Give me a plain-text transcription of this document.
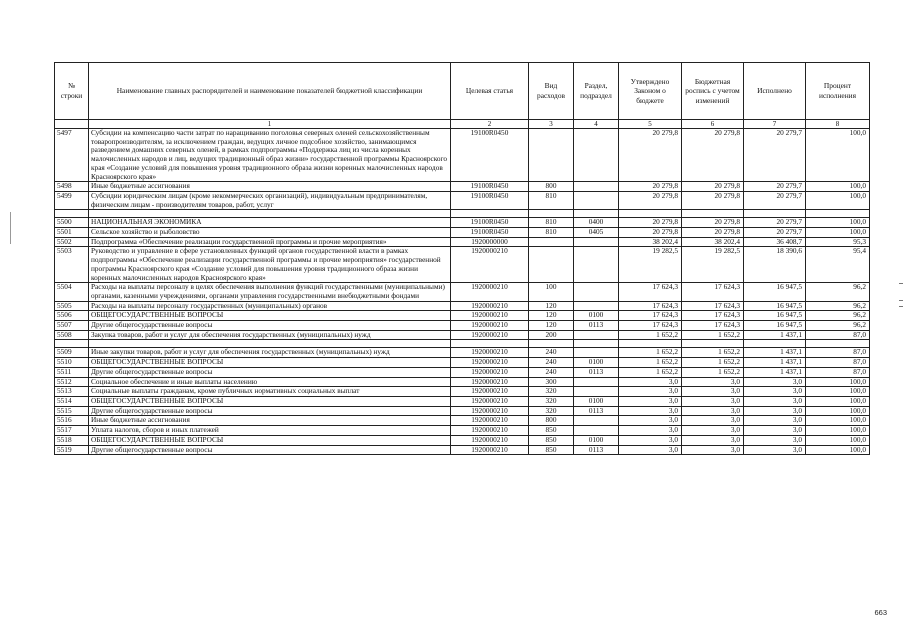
№ строки	Наименование главных распорядителей и наименование показателей бюджетной классификации	Целевая статья	Вид расходов	Раздел, подраздел	Утверждено Законом о бюджете	Бюджетная роспись с учетом изменений	Исполнено	Процент исполнения
	1	2	3	4	5	6	7	8
5497	Субсидии на компенсацию части затрат по наращиванию поголовья северных оленей сельскохозяйственным товаропроизводителям, за исключением граждан, ведущих личное подсобное хозяйство, занимающимся разведением домашних северных оленей, в рамках подпрограммы «Поддержка лиц из числа коренных малочисленных народов и лиц, ведущих традиционный образ жизни» государственной программы Красноярского края «Создание условий для повышения уровня традиционного образа жизни коренных малочисленных народов Красноярского края»	19100R0450			20 279,8	20 279,8	20 279,7	100,0
5498	Иные бюджетные ассигнования	19100R0450	800		20 279,8	20 279,8	20 279,7	100,0
5499	Субсидии юридическим лицам (кроме некоммерческих организаций), индивидуальным предпринимателям, физическим лицам - производителям товаров, работ, услуг	19100R0450	810		20 279,8	20 279,8	20 279,7	100,0

5500	НАЦИОНАЛЬНАЯ ЭКОНОМИКА	19100R0450	810	0400	20 279,8	20 279,8	20 279,7	100,0
5501	Сельское хозяйство и рыболовство	19100R0450	810	0405	20 279,8	20 279,8	20 279,7	100,0
5502	Подпрограмма «Обеспечение реализации государственной программы и прочие мероприятия»	1920000000			38 202,4	38 202,4	36 408,7	95,3
5503	Руководство и управление в сфере установленных функций органов государственной власти в рамках подпрограммы «Обеспечение реализации государственной программы и прочие мероприятия» государственной программы Красноярского края «Создание условий для повышения уровня традиционного образа жизни коренных малочисленных народов Красноярского края»	1920000210			19 282,5	19 282,5	18 390,6	95,4
5504	Расходы на выплаты персоналу в целях обеспечения выполнения функций государственными (муниципальными) органами, казенными учреждениями, органами управления государственными внебюджетными фондами	1920000210	100		17 624,3	17 624,3	16 947,5	96,2
5505	Расходы на выплаты персоналу государственных (муниципальных) органов	1920000210	120		17 624,3	17 624,3	16 947,5	96,2
5506	ОБЩЕГОСУДАРСТВЕННЫЕ ВОПРОСЫ	1920000210	120	0100	17 624,3	17 624,3	16 947,5	96,2
5507	Другие общегосударственные вопросы	1920000210	120	0113	17 624,3	17 624,3	16 947,5	96,2
5508	Закупка товаров, работ и услуг для обеспечения государственных (муниципальных) нужд	1920000210	200		1 652,2	1 652,2	1 437,1	87,0

5509	Иные закупки товаров, работ и услуг для обеспечения государственных (муниципальных) нужд	1920000210	240		1 652,2	1 652,2	1 437,1	87,0
5510	ОБЩЕГОСУДАРСТВЕННЫЕ ВОПРОСЫ	1920000210	240	0100	1 652,2	1 652,2	1 437,1	87,0
5511	Другие общегосударственные вопросы	1920000210	240	0113	1 652,2	1 652,2	1 437,1	87,0
5512	Социальное обеспечение и иные выплаты населению	1920000210	300		3,0	3,0	3,0	100,0
5513	Социальные выплаты гражданам, кроме публичных нормативных социальных выплат	1920000210	320		3,0	3,0	3,0	100,0
5514	ОБЩЕГОСУДАРСТВЕННЫЕ ВОПРОСЫ	1920000210	320	0100	3,0	3,0	3,0	100,0
5515	Другие общегосударственные вопросы	1920000210	320	0113	3,0	3,0	3,0	100,0
5516	Иные бюджетные ассигнования	1920000210	800		3,0	3,0	3,0	100,0
5517	Уплата налогов, сборов и иных платежей	1920000210	850		3,0	3,0	3,0	100,0
5518	ОБЩЕГОСУДАРСТВЕННЫЕ ВОПРОСЫ	1920000210	850	0100	3,0	3,0	3,0	100,0
5519	Другие общегосударственные вопросы	1920000210	850	0113	3,0	3,0	3,0	100,0
663
